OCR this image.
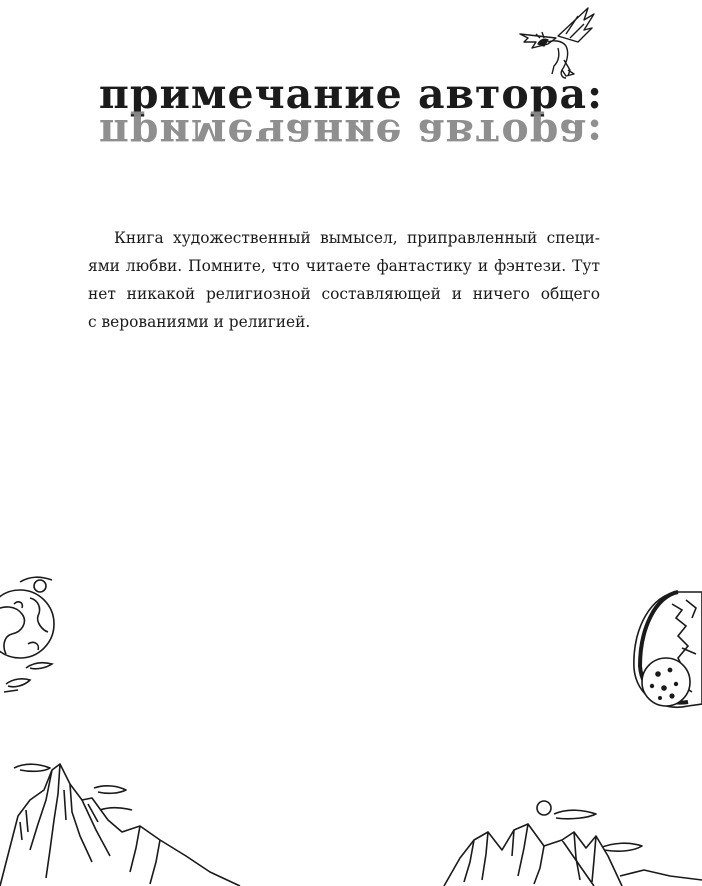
примечание автора:
примечание автора:
Книга художественный вымысел, приправленный специ-
ями любви. Помните, что читаете фантастику и фэнтези. Тут
нет никакой религиозной составляющей и ничего общего
с верованиями и религией.
